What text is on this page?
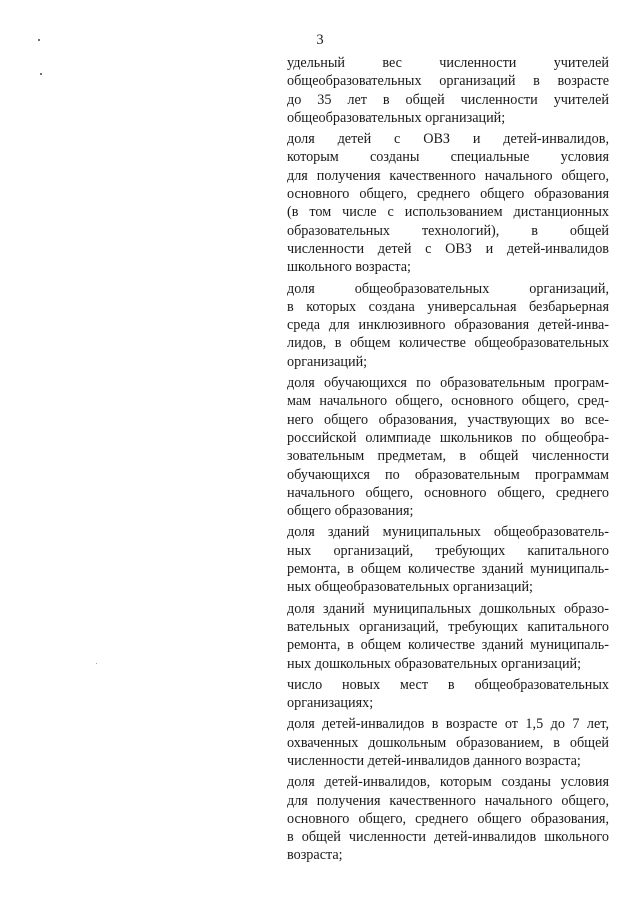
3
удельный вес численности учителей
общеобразовательных организаций в возрасте
до 35 лет в общей численности учителей
общеобразовательных организаций;
доля детей с ОВЗ и детей-инвалидов,
которым созданы специальные условия
для получения качественного начального общего,
основного общего, среднего общего образования
(в том числе с использованием дистанционных
образовательных технологий), в общей
численности детей с ОВЗ и детей-инвалидов
школьного возраста;
доля общеобразовательных организаций,
в которых создана универсальная безбарьерная
среда для инклюзивного образования детей-инва-
лидов, в общем количестве общеобразовательных
организаций;
доля обучающихся по образовательным програм-
мам начального общего, основного общего, сред-
него общего образования, участвующих во все-
российской олимпиаде школьников по общеобра-
зовательным предметам, в общей численности
обучающихся по образовательным программам
начального общего, основного общего, среднего
общего образования;
доля зданий муниципальных общеобразователь-
ных организаций, требующих капитального
ремонта, в общем количестве зданий муниципаль-
ных общеобразовательных организаций;
доля зданий муниципальных дошкольных образо-
вательных организаций, требующих капитального
ремонта, в общем количестве зданий муниципаль-
ных дошкольных образовательных организаций;
число новых мест в общеобразовательных
организациях;
доля детей-инвалидов в возрасте от 1,5 до 7 лет,
охваченных дошкольным образованием, в общей
численности детей-инвалидов данного возраста;
доля детей-инвалидов, которым созданы условия
для получения качественного начального общего,
основного общего, среднего общего образования,
в общей численности детей-инвалидов школьного
возраста;
